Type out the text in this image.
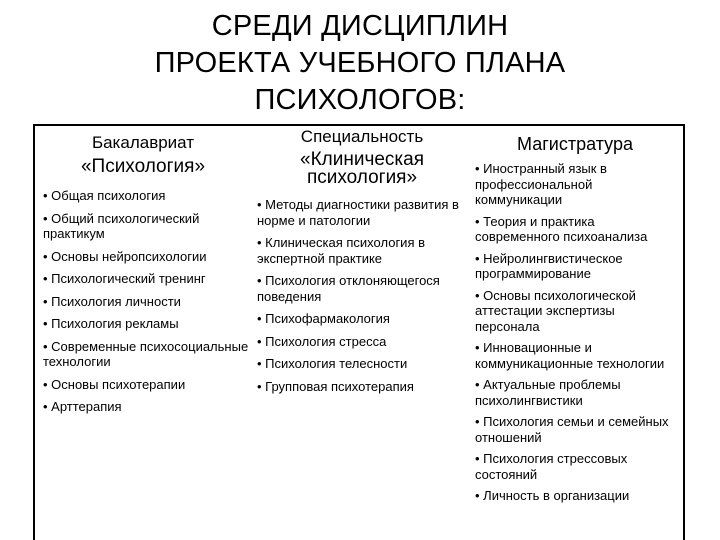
СРЕДИ ДИСЦИПЛИН
ПРОЕКТА УЧЕБНОГО ПЛАНА
ПСИХОЛОГОВ:
Бакалавриат
«Психология»
• Общая психология
• Общий психологический практикум
• Основы нейропсихологии
• Психологический тренинг
• Психология личности
• Психология рекламы
• Современные психосоциальные технологии
• Основы психотерапии
• Арттерапия
Специальность
«Клиническая психология»
• Методы диагностики развития в норме и патологии
• Клиническая психология в экспертной практике
• Психология отклоняющегося поведения
• Психофармакология
• Психология стресса
• Психология телесности
• Групповая психотерапия
Магистратура
• Иностранный язык в профессиональной коммуникации
• Теория и практика современного психоанализа
• Нейролингвистическое программирование
• Основы психологической аттестации экспертизы персонала
• Инновационные и коммуникационные технологии
• Актуальные проблемы психолингвистики
• Психология семьи и семейных отношений
• Психология стрессовых состояний
• Личность в организации
